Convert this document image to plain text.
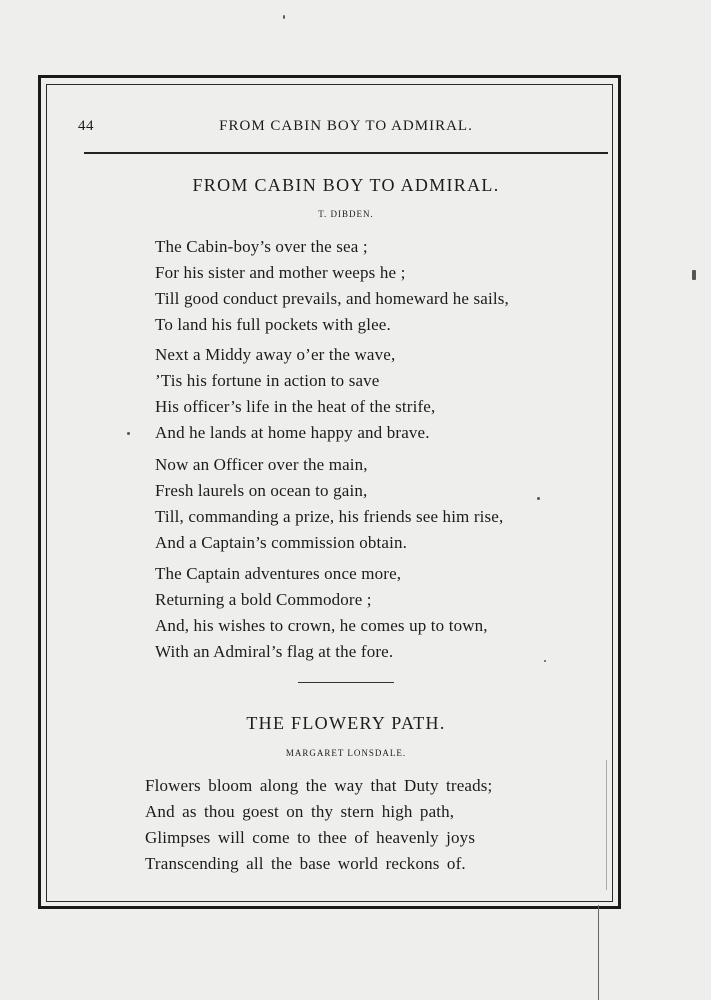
44	FROM CABIN BOY TO ADMIRAL.
FROM CABIN BOY TO ADMIRAL.
T. DIBDEN.
The Cabin-boy’s over the sea ;
For his sister and mother weeps he ;
Till good conduct prevails, and homeward he sails,
To land his full pockets with glee.
Next a Middy away o’er the wave,
’Tis his fortune in action to save
His officer’s life in the heat of the strife,
And he lands at home happy and brave.
Now an Officer over the main,
Fresh laurels on ocean to gain,
Till, commanding a prize, his friends see him rise,
And a Captain’s commission obtain.
The Captain adventures once more,
Returning a bold Commodore ;
And, his wishes to crown, he comes up to town,
With an Admiral’s flag at the fore.
THE FLOWERY PATH.
MARGARET LONSDALE.
Flowers bloom along the way that Duty treads;
And as thou goest on thy stern high path,
Glimpses will come to thee of heavenly joys
Transcending all the base world reckons of.
